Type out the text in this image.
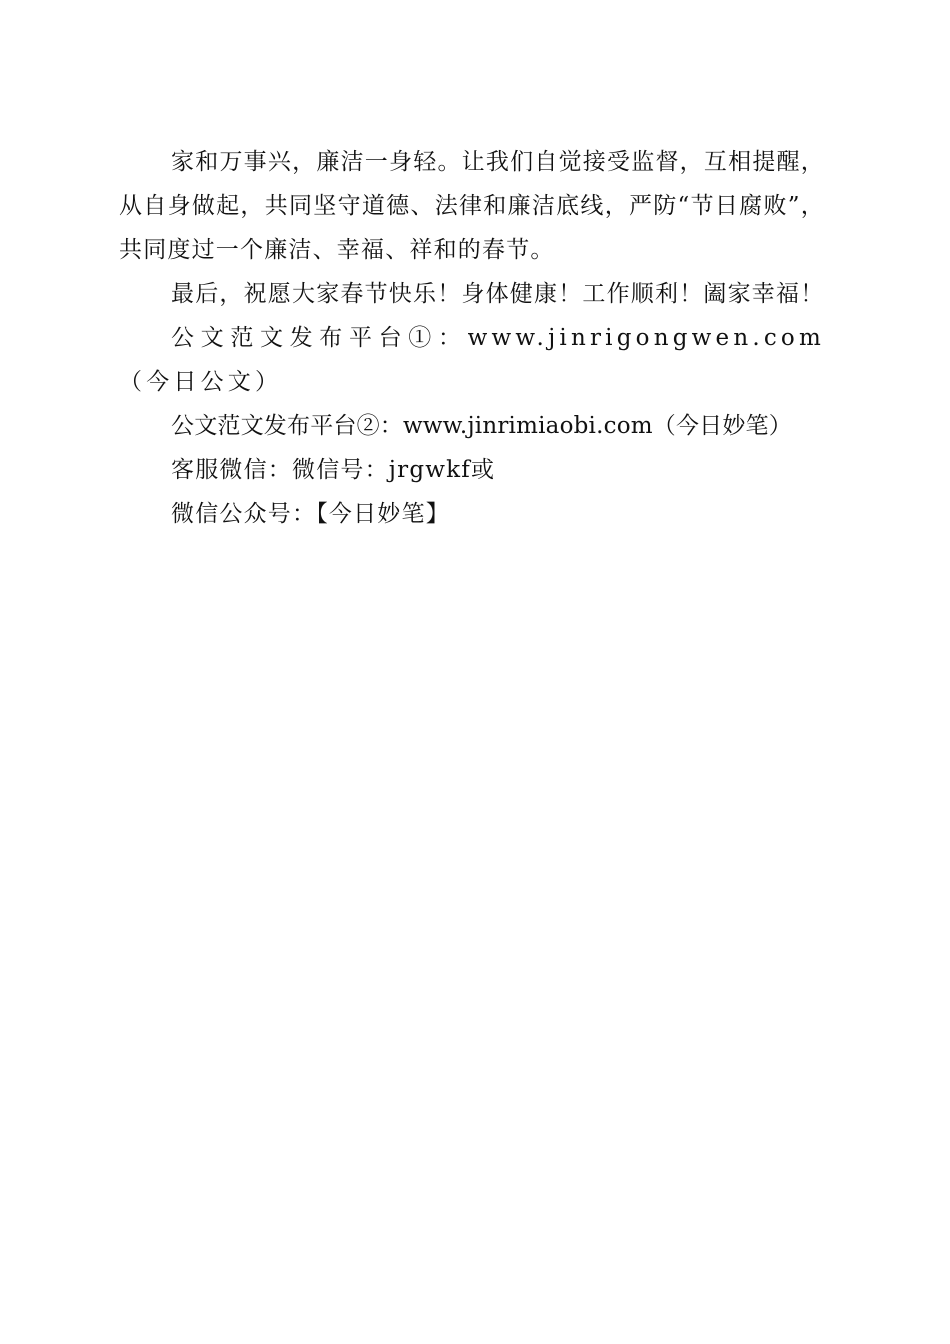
家和万事兴，廉洁一身轻。让我们自觉接受监督，互相提醒，从自身做起，共同坚守道德、法律和廉洁底线，严防“节日腐败”，共同度过一个廉洁、幸福、祥和的春节。

最后，祝愿大家春节快乐！身体健康！工作顺利！阖家幸福！

公文范文发布平台①：www.jinrigongwen.com（今日公文）

公文范文发布平台②：www.jinrimiaobi.com（今日妙笔）

客服微信：微信号：jrgwkf或

微信公众号：【今日妙笔】
